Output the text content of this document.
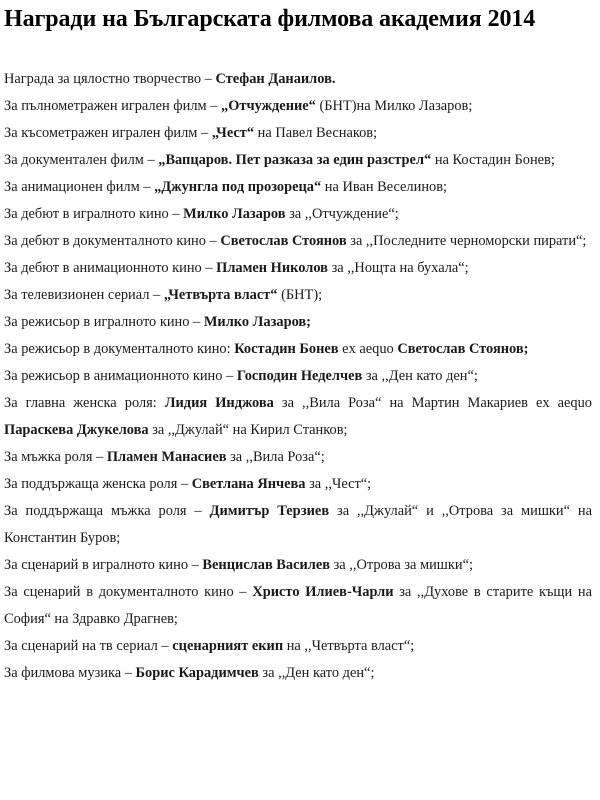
Награди на Българската филмова академия 2014

Награда за цялостно творчество – Стефан Данаилов.

За пълнометражен игрален филм – „Отчуждение“ (БНТ)на Милко Лазаров;

За късометражен игрален филм – „Чест“ на Павел Веснаков;

За документален филм – „Вапцаров. Пет разказа за един разстрел“ на Костадин Бонев;

За анимационен филм – „Джунгла под прозореца“ на Иван Веселинов;

За дебют в игралното кино – Милко Лазаров за ,,Отчуждение“;

За дебют в документалното кино – Светослав Стоянов за ,,Последните черноморски пирати“;

За дебют в анимационното кино – Пламен Николов за ,,Нощта на бухала“;

За телевизионен сериал – „Четвърта власт“ (БНТ);

За режисьор в игралното кино – Милко Лазаров;

За режисьор в документалното кино: Костадин Бонев ex aequo Светослав Стоянов;

За режисьор в анимационното кино – Господин Неделчев за ,,Ден като ден“;

За главна женска роля: Лидия Инджова за ,,Вила Роза“ на Мартин Макариев ex aequo Параскева Джукелова за ,,Джулай“ на Кирил Станков;

За мъжка роля – Пламен Манасиев за ,,Вила Роза“;

За поддържаща женска роля – Светлана Янчева за ,,Чест“;

За поддържаща мъжка роля – Димитър Терзиев за ,,Джулай“ и ,,Отрова за мишки“ на Константин Буров;

За сценарий в игралното кино – Венцислав Василев за ,,Отрова за мишки“;

За сценарий в документалното кино – Христо Илиев-Чарли за ,,Духове в старите къщи на София“ на Здравко Драгнев;

За сценарий на тв сериал – сценарният екип на ,,Четвърта власт“;

За филмова музика – Борис Карадимчев за ,,Ден като ден“;
